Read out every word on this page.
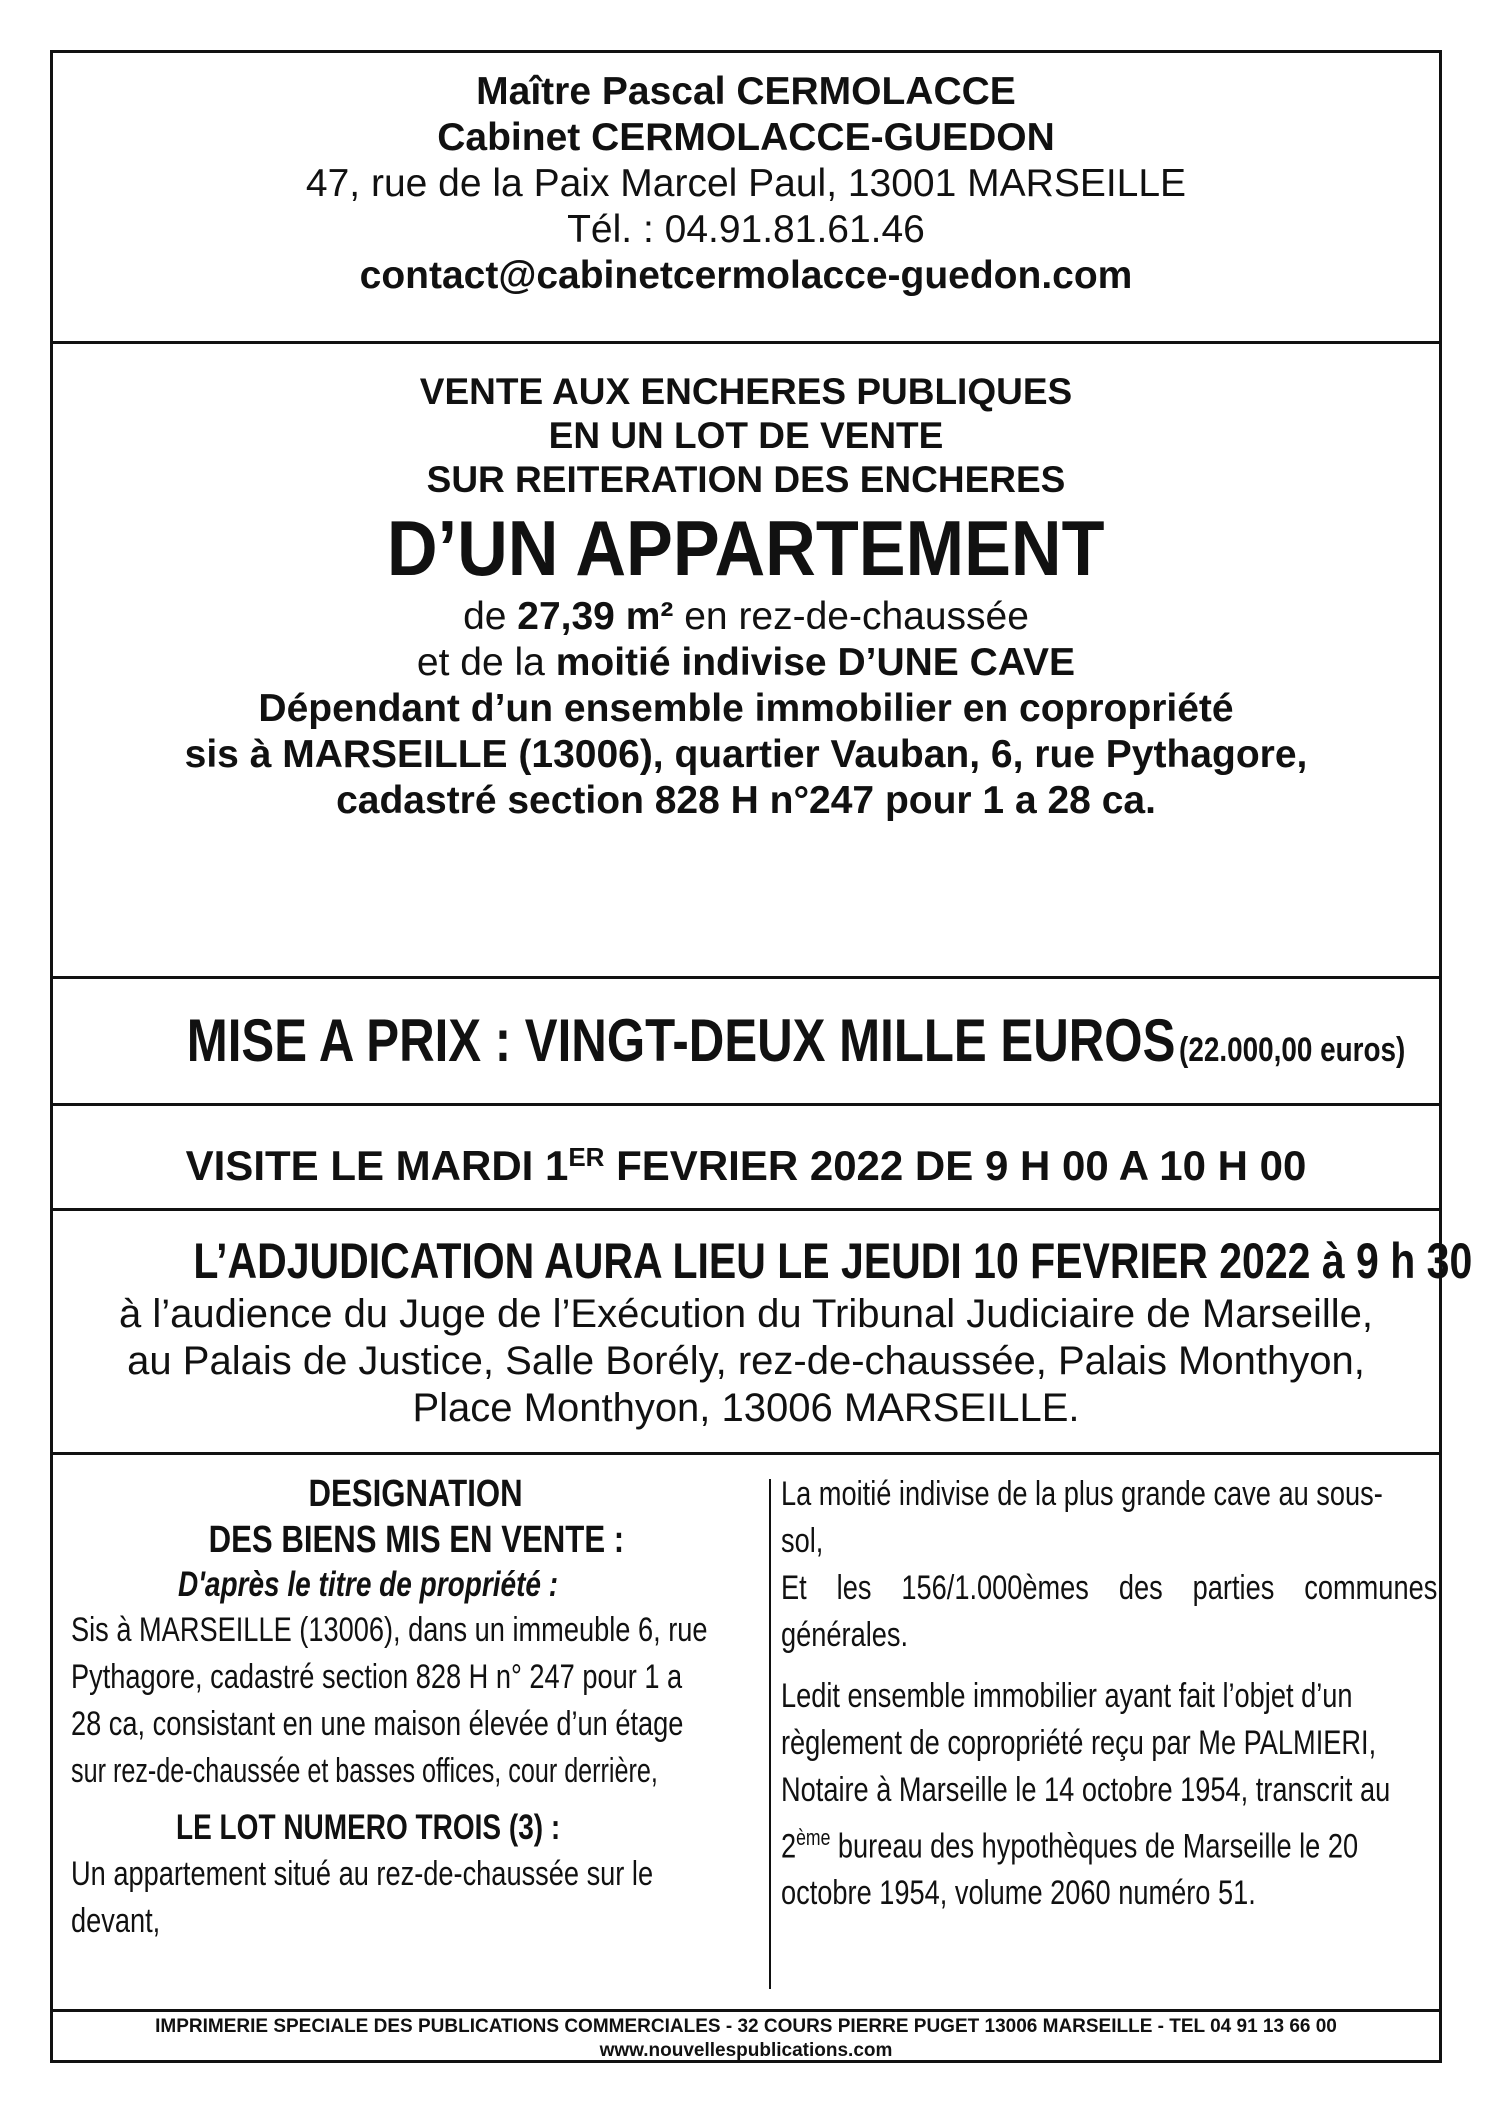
Maître Pascal CERMOLACCE
Cabinet CERMOLACCE-GUEDON
47, rue de la Paix Marcel Paul, 13001 MARSEILLE
Tél. : 04.91.81.61.46
contact@cabinetcermolacce-guedon.com
VENTE AUX ENCHERES PUBLIQUES
EN UN LOT DE VENTE
SUR REITERATION DES ENCHERES
D’UN APPARTEMENT
de 27,39 m² en rez-de-chaussée
et de la moitié indivise D’UNE CAVE
Dépendant d’un ensemble immobilier en copropriété
sis à MARSEILLE (13006), quartier Vauban, 6, rue Pythagore,
cadastré section 828 H n°247 pour 1 a 28 ca.
MISE A PRIX : VINGT-DEUX MILLE EUROS (22.000,00 euros)
VISITE LE MARDI 1ER FEVRIER 2022 DE 9 H 00 A 10 H 00
L’ADJUDICATION AURA LIEU LE JEUDI 10 FEVRIER 2022 à 9 h 30
à l’audience du Juge de l’Exécution du Tribunal Judiciaire de Marseille,
au Palais de Justice, Salle Borély, rez-de-chaussée, Palais Monthyon,
Place Monthyon, 13006 MARSEILLE.
DESIGNATION
DES BIENS MIS EN VENTE :
D'après le titre de propriété :
Sis à MARSEILLE (13006), dans un immeuble 6, rue
Pythagore, cadastré section 828 H n° 247 pour 1 a
28 ca, consistant en une maison élevée d’un étage
sur rez-de-chaussée et basses offices, cour derrière,
LE LOT NUMERO TROIS (3) :
Un appartement situé au rez-de-chaussée sur le
devant,
La moitié indivise de la plus grande cave au sous-
sol,
Et les 156/1.000èmes des parties communes
générales.
Ledit ensemble immobilier ayant fait l’objet d’un
règlement de copropriété reçu par Me PALMIERI,
Notaire à Marseille le 14 octobre 1954, transcrit au
2ème bureau des hypothèques de Marseille le 20
octobre 1954, volume 2060 numéro 51.
IMPRIMERIE SPECIALE DES PUBLICATIONS COMMERCIALES - 32 COURS PIERRE PUGET 13006 MARSEILLE - TEL 04 91 13 66 00
www.nouvellespublications.com
